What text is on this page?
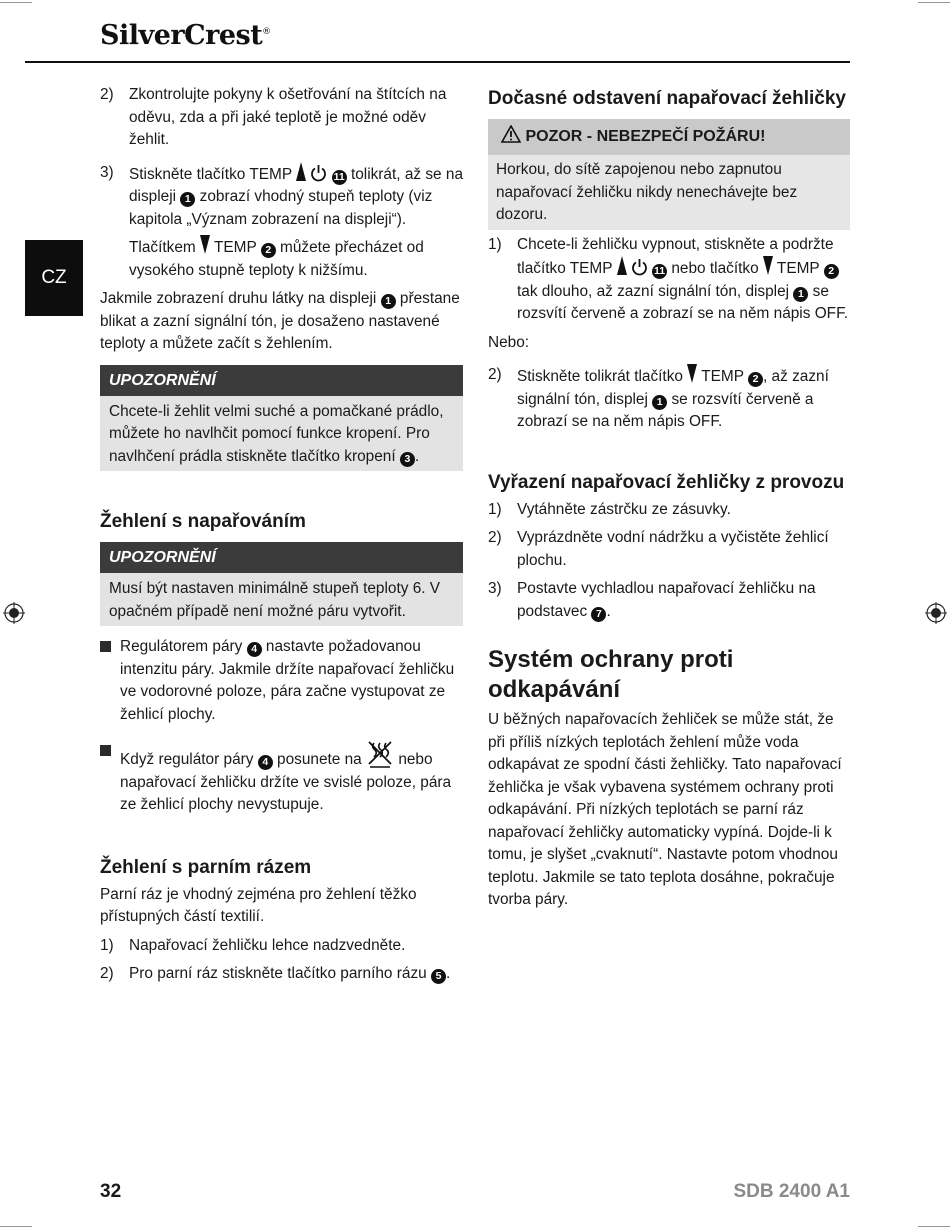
SilverCrest®
CZ
2) Zkontrolujte pokyny k ošetřování na štítcích na oděvu, zda a při jaké teplotě je možné oděv žehlit.
3) Stiskněte tlačítko TEMP	11 tolikrát, až se na displeji 1 zobrazí vhodný stupeň teploty (viz kapitola „Význam zobrazení na displeji“).
Tlačítkem TEMP 2 můžete přecházet od vysokého stupně teploty k nižšímu.

Jakmile zobrazení druhu látky na displeji 1 přestane blikat a zazní signální tón, je dosaženo nastavené teploty a můžete začít s žehlením.

UPOZORNĚNÍ
Chcete-li žehlit velmi suché a pomačkané prádlo, můžete ho navlhčit pomocí funkce kropení. Pro navlhčení prádla stiskněte tlačítko kropení 3 .
Žehlení s napařováním
UPOZORNĚNÍ
Musí být nastaven minimálně stupeň teploty 6. V opačném případě není možné páru vytvořit.
Regulátorem páry 4 nastavte požadovanou intenzitu páry. Jakmile držíte napařovací žehličku ve vodorovné poloze, pára začne vystupovat ze žehlicí plochy.
Když regulátor páry 4 posunete na nebo napařovací žehličku držíte ve svislé poloze, pára ze žehlicí plochy nevystupuje.
Žehlení s parním rázem

Parní ráz je vhodný zejména pro žehlení těžko přístupných částí textilií.

1) Napařovací žehličku lehce nadzvedněte.
2) Pro parní ráz stiskněte tlačítko parního rázu 5 .
Dočasné odstavení napařovací žehličky
POZOR - NEBEZPEČÍ POŽÁRU!
Horkou, do sítě zapojenou nebo zapnutou napařovací žehličku nikdy nenechávejte bez dozoru.
1) Chcete-li žehličku vypnout, stiskněte a podržte tlačítko TEMP	11 nebo tlačítko TEMP 2 tak dlouho, až zazní signální tón, displej 1 se rozsvítí červeně a zobrazí se na něm nápis OFF.

Nebo:

2) Stiskněte tolikrát tlačítko TEMP 2 , až zazní signální tón, displej 1 se rozsvítí červeně a zobrazí se na něm nápis OFF.
Vyřazení napařovací žehličky z provozu
1) Vytáhněte zástrčku ze zásuvky.
2) Vyprázdněte vodní nádržku a vyčistěte žehlicí plochu.
3) Postavte vychladlou napařovací žehličku na podstavec 7 .
Systém ochrany proti odkapávání

U běžných napařovacích žehliček se může stát, že při příliš nízkých teplotách žehlení může voda odkapávat ze spodní části žehličky. Tato napařovací žehlička je však vybavena systémem ochrany proti odkapávání. Při nízkých teplotách se parní ráz napařovací žehličky automaticky vypíná. Dojde-li k tomu, je slyšet „cvaknutí“. Nastavte potom vhodnou teplotu. Jakmile se tato teplota dosáhne, pokračuje tvorba páry.

32	SDB 2400 A1
